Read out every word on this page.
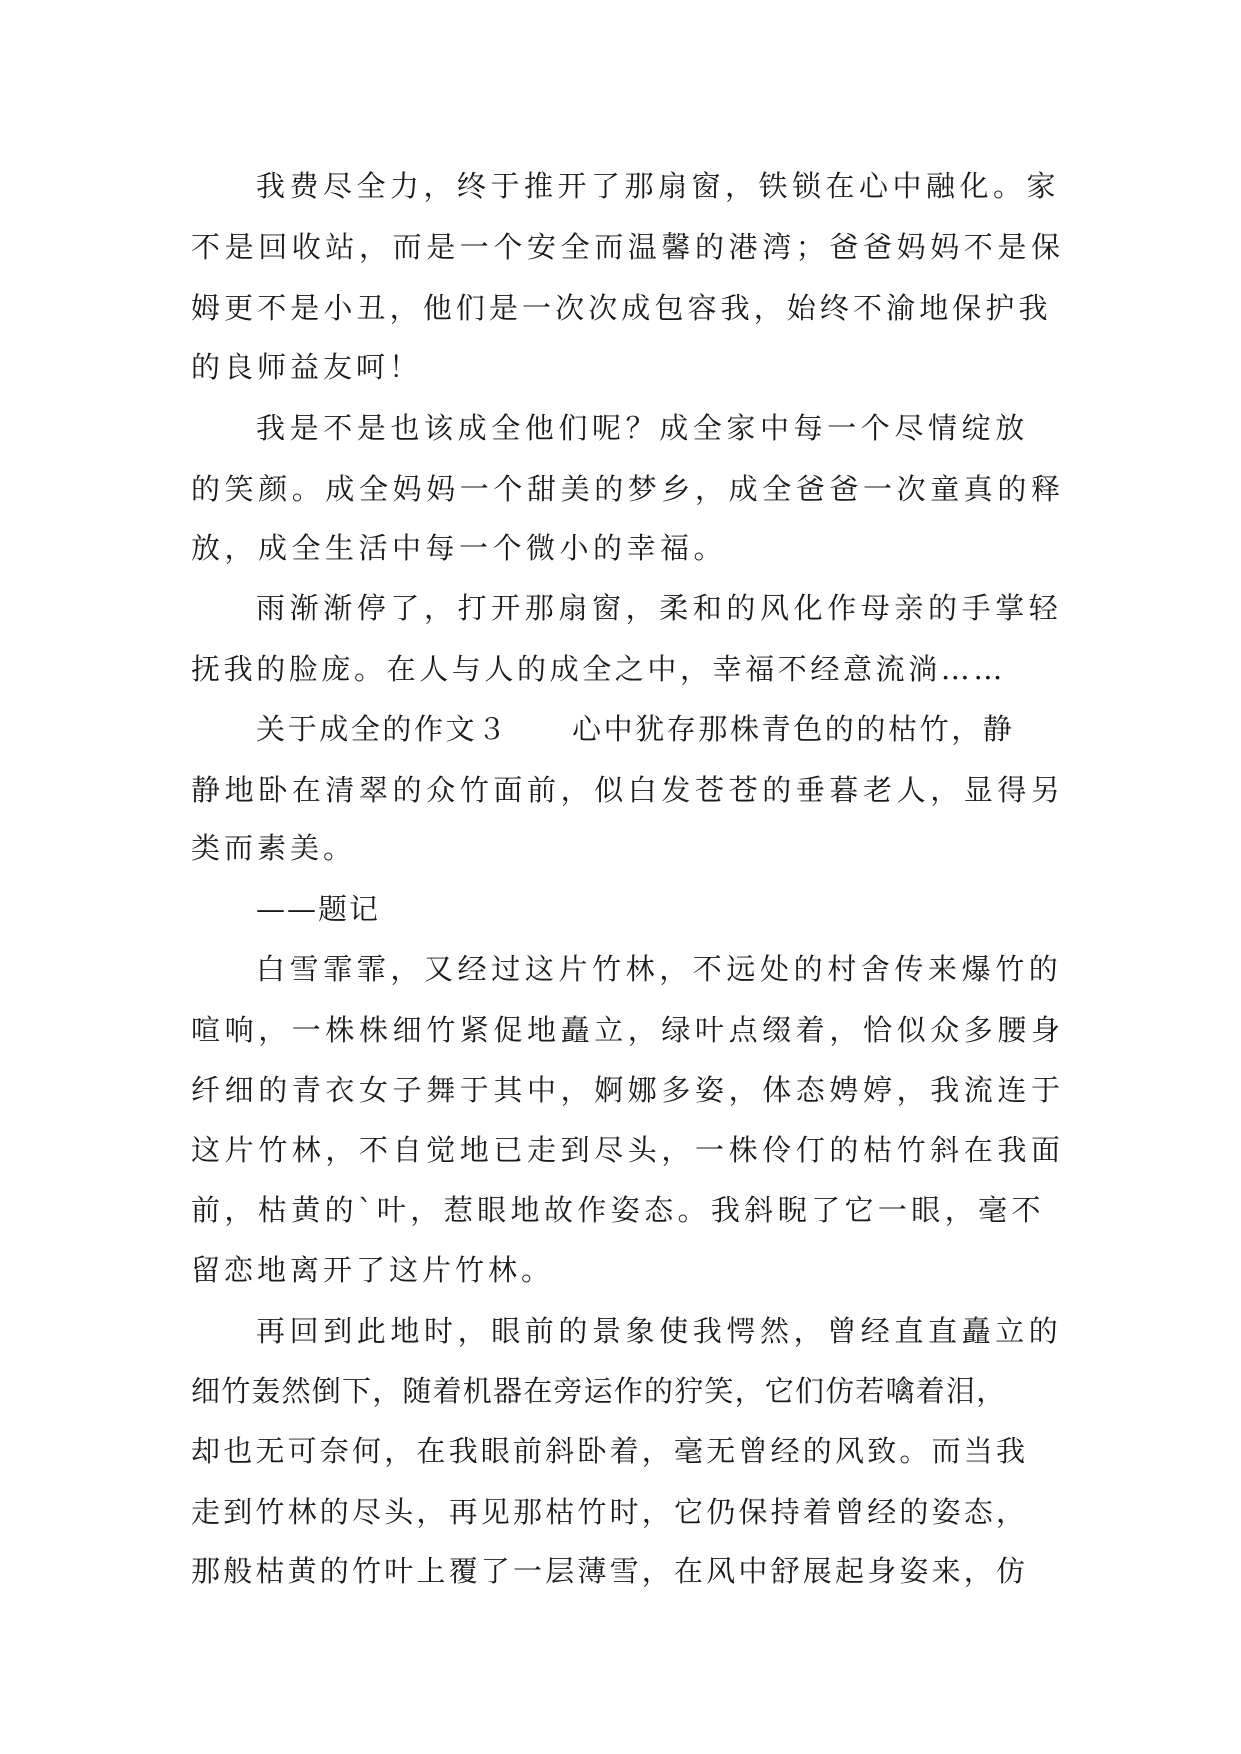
我费尽全力，终于推开了那扇窗，铁锁在心中融化。家
不是回收站，而是一个安全而温馨的港湾；爸爸妈妈不是保
姆更不是小丑，他们是一次次成包容我，始终不渝地保护我
的良师益友呵！
我是不是也该成全他们呢？成全家中每一个尽情绽放
的笑颜。成全妈妈一个甜美的梦乡，成全爸爸一次童真的释
放，成全生活中每一个微小的幸福。
雨渐渐停了，打开那扇窗，柔和的风化作母亲的手掌轻
抚我的脸庞。在人与人的成全之中，幸福不经意流淌……
关于成全的作文３　　心中犹存那株青色的的枯竹，静
静地卧在清翠的众竹面前，似白发苍苍的垂暮老人，显得另
类而素美。
——题记
白雪霏霏，又经过这片竹林，不远处的村舍传来爆竹的
喧响，一株株细竹紧促地矗立，绿叶点缀着，恰似众多腰身
纤细的青衣女子舞于其中，婀娜多姿，体态娉婷，我流连于
这片竹林，不自觉地已走到尽头，一株伶仃的枯竹斜在我面
前，枯黄的`叶，惹眼地故作姿态。我斜睨了它一眼，毫不
留恋地离开了这片竹林。
再回到此地时，眼前的景象使我愕然，曾经直直矗立的
细竹轰然倒下，随着机器在旁运作的狞笑，它们仿若噙着泪，
却也无可奈何，在我眼前斜卧着，毫无曾经的风致。而当我
走到竹林的尽头，再见那枯竹时，它仍保持着曾经的姿态，
那般枯黄的竹叶上覆了一层薄雪，在风中舒展起身姿来，仿
